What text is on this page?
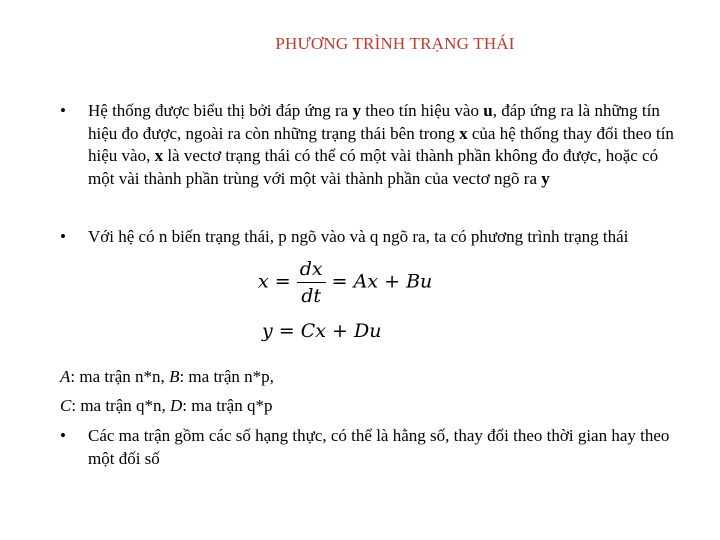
PHƯƠNG TRÌNH TRẠNG THÁI
•	Hệ thống được biểu thị bởi đáp ứng ra y theo tín hiệu vào u, đáp ứng ra là những tín hiệu đo được, ngoài ra còn những trạng thái bên trong x của hệ thống thay đổi theo tín hiệu vào, x là vectơ trạng thái có thể có một vài thành phần không đo được, hoặc có một vài thành phần trùng với một vài thành phần của vectơ ngõ ra y
•	Với hệ có n biến trạng thái, p ngõ vào và q ngõ ra, ta có phương trình trạng thái
$x = \frac{dx}{dt} = Ax + Bu$
y = Cx + Du
A: ma trận n*n, B: ma trận n*p,
C: ma trận q*n, D: ma trận q*p
•	Các ma trận gồm các số hạng thực, có thể là hằng số, thay đổi theo thời gian hay theo một đối số
